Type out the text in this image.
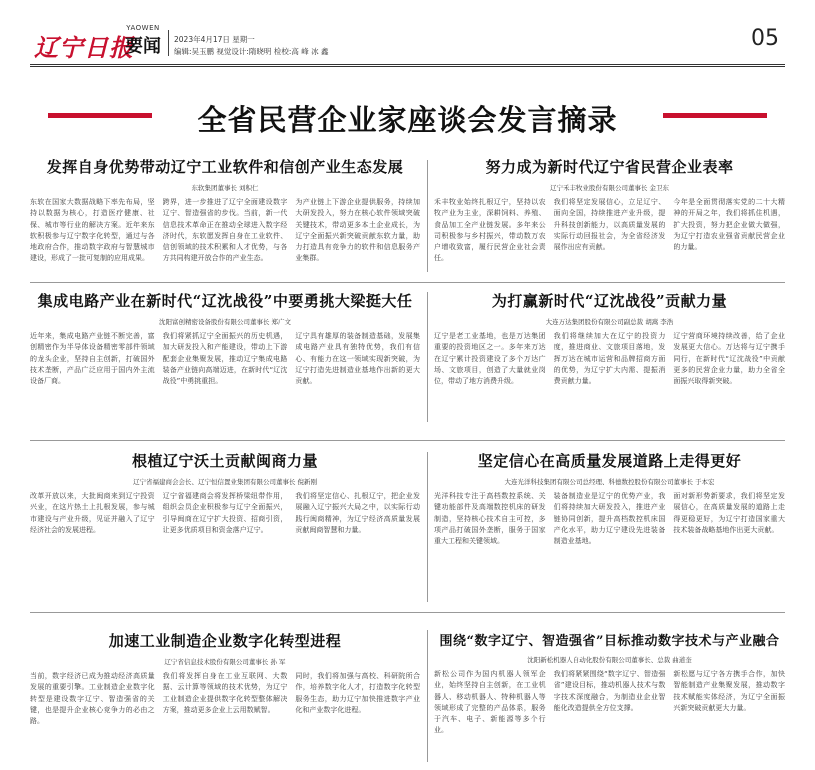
辽宁日报
YAOWEN
要闻	2023年4月17日 星期一
编辑:吴玉鹏 视觉设计:隋晓明 检校:高 峰 冰 鑫
05
全省民营企业家座谈会发言摘录
发挥自身优势带动辽宁工业软件和信创产业生态发展
东软集团董事长 刘积仁

东软在国家大数据战略下率先布局，坚持以数据为核心，打造医疗健康、社保、城市等行业的解决方案。近年来东软积极参与辽宁数字化转型，通过与各地政府合作，推动数字政府与智慧城市建设，形成了一批可复制的应用成果。

跨界，进一步推进了辽宁全面建设数字辽宁、智造强省的步伐。当前，新一代信息技术革命正在推动全球进入数字经济时代，东软愿发挥自身在工业软件、信创领域的技术积累和人才优势，与各方共同构建开放合作的产业生态。

为产业链上下游企业提供服务，持续加大研发投入，努力在核心软件领域突破关键技术，带动更多本土企业成长，为辽宁全面振兴新突破贡献东软力量，助力打造具有竞争力的软件和信息服务产业集群。

努力成为新时代辽宁省民营企业表率
辽宁禾丰牧业股份有限公司董事长 金卫东

禾丰牧业始终扎根辽宁，坚持以农牧产业为主业，深耕饲料、养殖、食品加工全产业链发展。多年来公司积极参与乡村振兴，带动数万农户增收致富，履行民营企业社会责任。

我们将坚定发展信心，立足辽宁、面向全国，持续推进产业升级，提升科技创新能力，以高质量发展的实际行动回报社会，为全省经济发展作出应有贡献。

今年是全面贯彻落实党的二十大精神的开局之年，我们将抓住机遇，扩大投资，努力把企业做大做强，为辽宁打造农业强省贡献民营企业的力量。

集成电路产业在新时代“辽沈战役”中要勇挑大梁挺大任
沈阳富创精密设备股份有限公司董事长 郑广文

近年来，集成电路产业链不断完善，富创精密作为半导体设备精密零部件领域的龙头企业，坚持自主创新，打破国外技术垄断，产品广泛应用于国内外主流设备厂商。

我们将紧抓辽宁全面振兴的历史机遇，加大研发投入和产能建设，带动上下游配套企业集聚发展，推动辽宁集成电路装备产业链向高端迈进，在新时代“辽沈战役”中勇挑重担。

辽宁具有雄厚的装备制造基础，发展集成电路产业具有独特优势，我们有信心、有能力在这一领域实现新突破，为辽宁打造先进制造业基地作出新的更大贡献。

为打赢新时代“辽沈战役”贡献力量
大连万达集团股份有限公司副总裁 胡嵩 李浩

辽宁是老工业基地，也是万达集团重要的投资地区之一。多年来万达在辽宁累计投资建设了多个万达广场、文旅项目，创造了大量就业岗位，带动了地方消费升级。

我们将继续加大在辽宁的投资力度，推进商业、文旅项目落地，发挥万达在城市运营和品牌招商方面的优势，为辽宁扩大内需、提振消费贡献力量。

辽宁营商环境持续改善，给了企业发展更大信心。万达将与辽宁携手同行，在新时代“辽沈战役”中贡献更多的民营企业力量，助力全省全面振兴取得新突破。

根植辽宁沃土贡献闽商力量
辽宁省福建商会会长、辽宁恒信置业集团有限公司董事长 倪新刚

改革开放以来，大批闽商来到辽宁投资兴业，在这片热土上扎根发展，参与城市建设与产业升级，见证并融入了辽宁经济社会的发展进程。

辽宁省福建商会将发挥桥梁纽带作用，组织会员企业积极参与辽宁全面振兴，引导闽商在辽宁扩大投资、招商引资，让更多优质项目和资金落户辽宁。

我们将坚定信心、扎根辽宁，把企业发展融入辽宁振兴大局之中，以实际行动践行闽商精神，为辽宁经济高质量发展贡献闽商智慧和力量。

坚定信心在高质量发展道路上走得更好
大连光洋科技集团有限公司总经理、科德数控股份有限公司董事长 于本宏

光洋科技专注于高档数控系统、关键功能部件及高端数控机床的研发制造，坚持核心技术自主可控，多项产品打破国外垄断，服务于国家重大工程和关键领域。

装备制造业是辽宁的优势产业，我们将持续加大研发投入，推进产业链协同创新，提升高档数控机床国产化水平，助力辽宁建设先进装备制造业基地。

面对新形势新要求，我们将坚定发展信心，在高质量发展的道路上走得更稳更好，为辽宁打造国家重大技术装备战略基地作出更大贡献。

加速工业制造企业数字化转型进程
辽宁省信息技术股份有限公司董事长 孙 军

当前，数字经济已成为推动经济高质量发展的重要引擎。工业制造企业数字化转型是建设数字辽宁、智造强省的关键，也是提升企业核心竞争力的必由之路。

我们将发挥自身在工业互联网、大数据、云计算等领域的技术优势，为辽宁工业制造企业提供数字化转型整体解决方案，推动更多企业上云用数赋智。

同时，我们将加强与高校、科研院所合作，培养数字化人才，打造数字化转型服务生态，助力辽宁加快推进数字产业化和产业数字化进程。

围绕“数字辽宁、智造强省”目标推动数字技术与产业融合
沈阳新松机器人自动化股份有限公司董事长、总裁 曲道奎

新松公司作为国内机器人领军企业，始终坚持自主创新，在工业机器人、移动机器人、特种机器人等领域形成了完整的产品体系，服务于汽车、电子、新能源等多个行业。

我们将紧紧围绕“数字辽宁、智造强省”建设目标，推动机器人技术与数字技术深度融合，为制造业企业智能化改造提供全方位支撑。

新松愿与辽宁各方携手合作，加快智能制造产业集聚发展，推动数字技术赋能实体经济，为辽宁全面振兴新突破贡献更大力量。
